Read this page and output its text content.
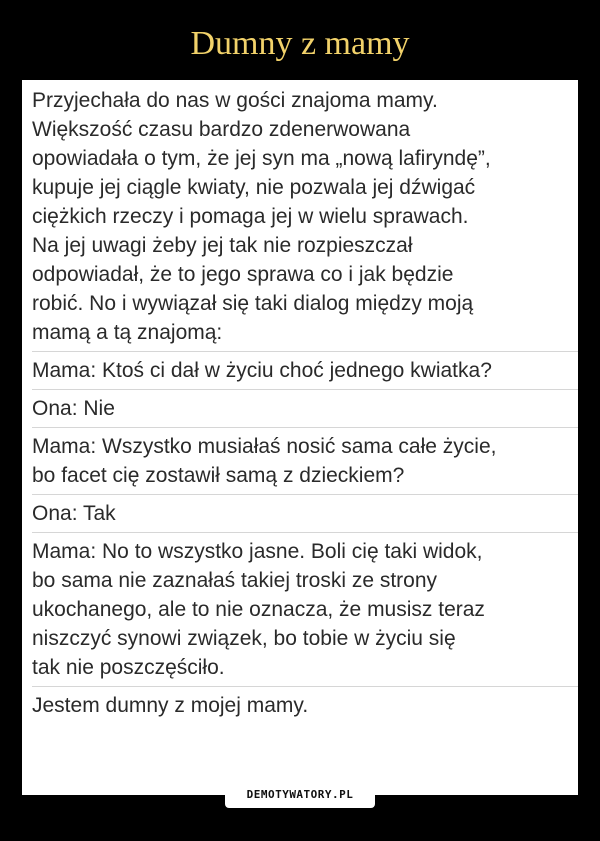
Dumny z mamy
Przyjechała do nas w gości znajoma mamy.
Większość czasu bardzo zdenerwowana
opowiadała o tym, że jej syn ma „nową lafiryndę”,
kupuje jej ciągle kwiaty, nie pozwala jej dźwigać
ciężkich rzeczy i pomaga jej w wielu sprawach.
Na jej uwagi żeby jej tak nie rozpieszczał
odpowiadał, że to jego sprawa co i jak będzie
robić. No i wywiązał się taki dialog między moją
mamą a tą znajomą:
Mama: Ktoś ci dał w życiu choć jednego kwiatka?
Ona: Nie
Mama: Wszystko musiałaś nosić sama całe życie,
bo facet cię zostawił samą z dzieckiem?
Ona: Tak
Mama: No to wszystko jasne. Boli cię taki widok,
bo sama nie zaznałaś takiej troski ze strony
ukochanego, ale to nie oznacza, że musisz teraz
niszczyć synowi związek, bo tobie w życiu się
tak nie poszczęściło.
Jestem dumny z mojej mamy.
DEMOTYWATORY.PL
